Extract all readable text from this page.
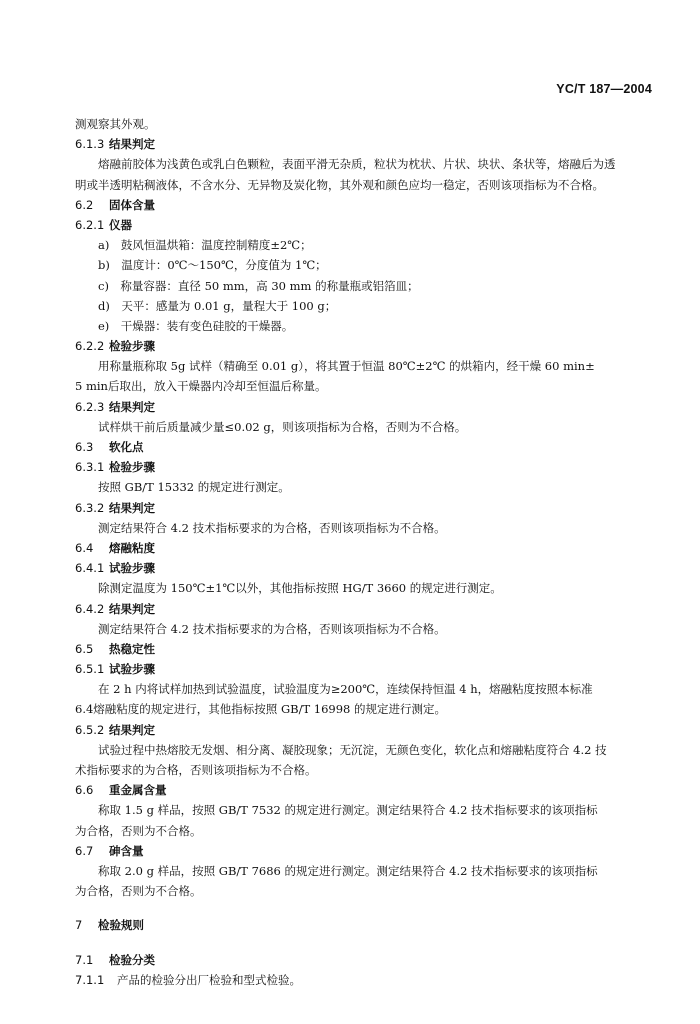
YC/T 187—2004
测观察其外观。
6.1.3 结果判定
熔融前胶体为浅黄色或乳白色颗粒，表面平滑无杂质，粒状为枕状、片状、块状、条状等，熔融后为透
明或半透明粘稠液体，不含水分、无异物及炭化物，其外观和颜色应均一稳定，否则该项指标为不合格。
6.2 固体含量
6.2.1 仪器
a)　鼓风恒温烘箱：温度控制精度±2℃；
b)　温度计：0℃～150℃，分度值为 1℃；
c)　称量容器：直径 50 mm，高 30 mm 的称量瓶或铝箔皿；
d)　天平：感量为 0.01 g，量程大于 100 g；
e)　干燥器：装有变色硅胶的干燥器。
6.2.2 检验步骤
用称量瓶称取 5g 试样（精确至 0.01 g），将其置于恒温 80℃±2℃ 的烘箱内，经干燥 60 min±
5 min后取出，放入干燥器内冷却至恒温后称量。
6.2.3 结果判定
试样烘干前后质量减少量≤0.02 g，则该项指标为合格，否则为不合格。
6.3 软化点
6.3.1 检验步骤
按照 GB/T 15332 的规定进行测定。
6.3.2 结果判定
测定结果符合 4.2 技术指标要求的为合格，否则该项指标为不合格。
6.4 熔融粘度
6.4.1 试验步骤
除测定温度为 150℃±1℃以外，其他指标按照 HG/T 3660 的规定进行测定。
6.4.2 结果判定
测定结果符合 4.2 技术指标要求的为合格，否则该项指标为不合格。
6.5 热稳定性
6.5.1 试验步骤
在 2 h 内将试样加热到试验温度，试验温度为≥200℃，连续保持恒温 4 h，熔融粘度按照本标准
6.4熔融粘度的规定进行，其他指标按照 GB/T 16998 的规定进行测定。
6.5.2 结果判定
试验过程中热熔胶无发烟、相分离、凝胶现象；无沉淀，无颜色变化，软化点和熔融粘度符合 4.2 技
术指标要求的为合格，否则该项指标为不合格。
6.6 重金属含量
称取 1.5 g 样品，按照 GB/T 7532 的规定进行测定。测定结果符合 4.2 技术指标要求的该项指标
为合格，否则为不合格。
6.7 砷含量
称取 2.0 g 样品，按照 GB/T 7686 的规定进行测定。测定结果符合 4.2 技术指标要求的该项指标
为合格，否则为不合格。
7 检验规则
7.1 检验分类
7.1.1 产品的检验分出厂检验和型式检验。
